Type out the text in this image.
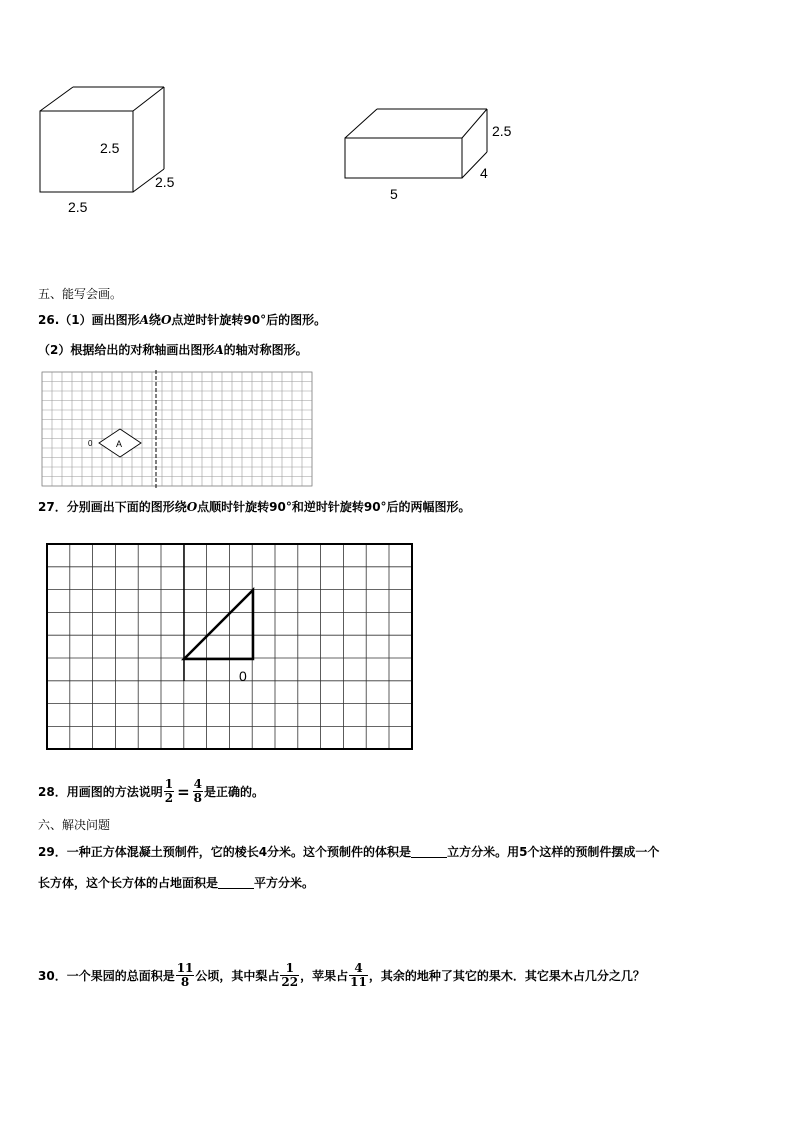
2.5
2.5
2.5
2.5
4
5
五、能写会画。
26.（1）画出图形 A 绕 O 点逆时针旋转90°后的图形。
（2）根据给出的对称轴画出图形 A 的轴对称图形。
A
0
27．分别画出下面的图形绕 O 点顺时针旋转90°和逆时针旋转90°后的两幅图形。
0
28．用画图的方法说明 $\frac{1}{2} = \frac{4}{8}$ 是正确的。
六、解决问题
29．一种正方体混凝土预制件，它的棱长4分米。这个预制件的体积是	立方分米。用5个这样的预制件摆成一个
长方体，这个长方体的占地面积是	平方分米。
30．一个果园的总面积是 $\frac{11}{8}$ 公顷，其中梨占 $\frac{1}{22}$ ，苹果占 $\frac{4}{11}$ ，其余的地种了其它的果木．其它果木占几分之几？
